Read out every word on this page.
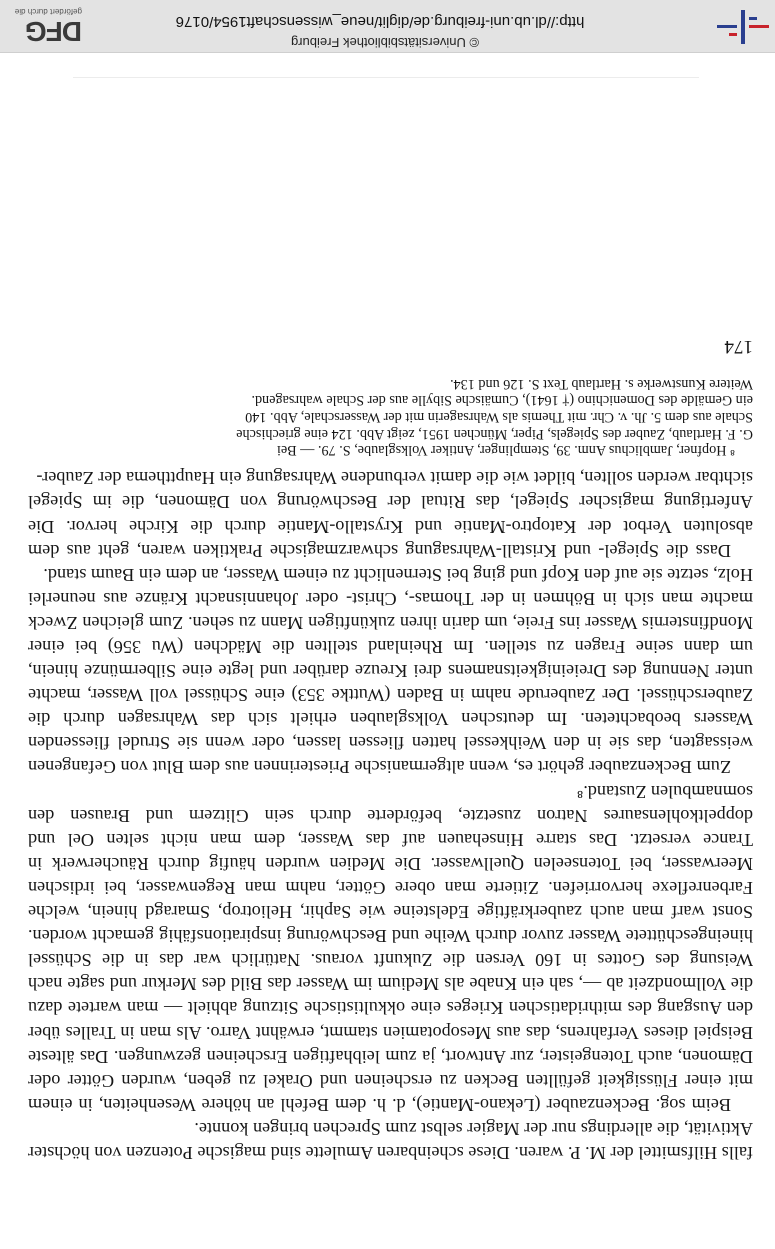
falls Hilfsmittel der M. P. waren. Diese scheinbaren Amulette sind magische Potenzen von höchster Aktivität, die allerdings nur der Magier selbst zum Sprechen bringen konnte.

Beim sog. Beckenzauber (Lekano-Mantie), d. h. dem Befehl an höhere Wesenheiten, in einem mit einer Flüssigkeit gefüllten Becken zu erscheinen und Orakel zu geben, wurden Götter oder Dämonen, auch Totengeister, zur Antwort, ja zum leibhaftigen Erscheinen gezwungen. Das älteste Beispiel dieses Verfahrens, das aus Mesopotamien stammt, erwähnt Varro. Als man in Tralles über den Ausgang des mithridatischen Krieges eine okkultistische Sitzung abhielt — man wartete dazu die Vollmondzeit ab —, sah ein Knabe als Medium im Wasser das Bild des Merkur und sagte nach Weisung des Gottes in 160 Versen die Zukunft voraus. Natürlich war das in die Schüssel hineingeschüttete Wasser zuvor durch Weihe und Beschwörung inspirationsfähig gemacht worden. Sonst warf man auch zauberkräftige Edelsteine wie Saphir, Heliotrop, Smaragd hinein, welche Farbenreflexe hervorriefen. Zitierte man obere Götter, nahm man Regenwasser, bei irdischen Meerwasser, bei Totenseelen Quellwasser. Die Medien wurden häufig durch Räucherwerk in Trance versetzt. Das starre Hinsehauen auf das Wasser, dem man nicht selten Oel und doppeltkohlensaures Natron zusetzte, beförderte durch sein Glitzern und Brausen den somnambulen Zustand.⁸

Zum Beckenzauber gehört es, wenn altgermanische Priesterinnen aus dem Blut von Gefangenen weissagten, das sie in den Weihkessel hatten fliessen lassen, oder wenn sie Strudel fliessenden Wassers beobachteten. Im deutschen Volksglauben erhielt sich das Wahrsagen durch die Zauberschüssel. Der Zauberude nahm in Baden (Wuttke 353) eine Schüssel voll Wasser, machte unter Nennung des Dreieinigkeitsnamens drei Kreuze darüber und legte eine Silbermünze hinein, um dann seine Fragen zu stellen. Im Rheinland stellten die Mädchen (Wu 356) bei einer Mondfinsternis Wasser ins Freie, um darin ihren zukünftigen Mann zu sehen. Zum gleichen Zweck machte man sich in Böhmen in der Thomas-, Christ- oder Johannisnacht Kränze aus neunerlei Holz, setzte sie auf den Kopf und ging bei Sternenlicht zu einem Wasser, an dem ein Baum stand.

Dass die Spiegel- und Kristall-Wahrsagung schwarzmagische Praktiken waren, geht aus dem absoluten Verbot der Katoptro-Mantie und Krystallo-Mantie durch die Kirche hervor. Die Anfertigung magischer Spiegel, das Ritual der Beschwörung von Dämonen, die im Spiegel sichtbar werden sollten, bildet wie die damit verbundene Wahrsagung ein Hauptthema der Zauber-

⁸ Hopfner, Jamblichus Anm. 39, Stemplinger, Antiker Volksglaube, S. 79. — Bei

G. F. Hartlaub, Zauber des Spiegels, Piper, München 1951, zeigt Abb. 124 eine griechische

Schale aus dem 5. Jh. v. Chr. mit Themis als Wahrsagerin mit der Wasserschale, Abb. 140

ein Gemälde des Domenichino († 1641), Cumäische Sibylle aus der Schale wahrsagend.

Weitere Kunstwerke s. Hartlaub Text S. 126 und 134.

174
© Universitätsbibliothek Freiburg
http://dl.ub.uni-freiburg.de/diglit/neue_wissenschaft1954/0176
DFG
gefördert durch die
